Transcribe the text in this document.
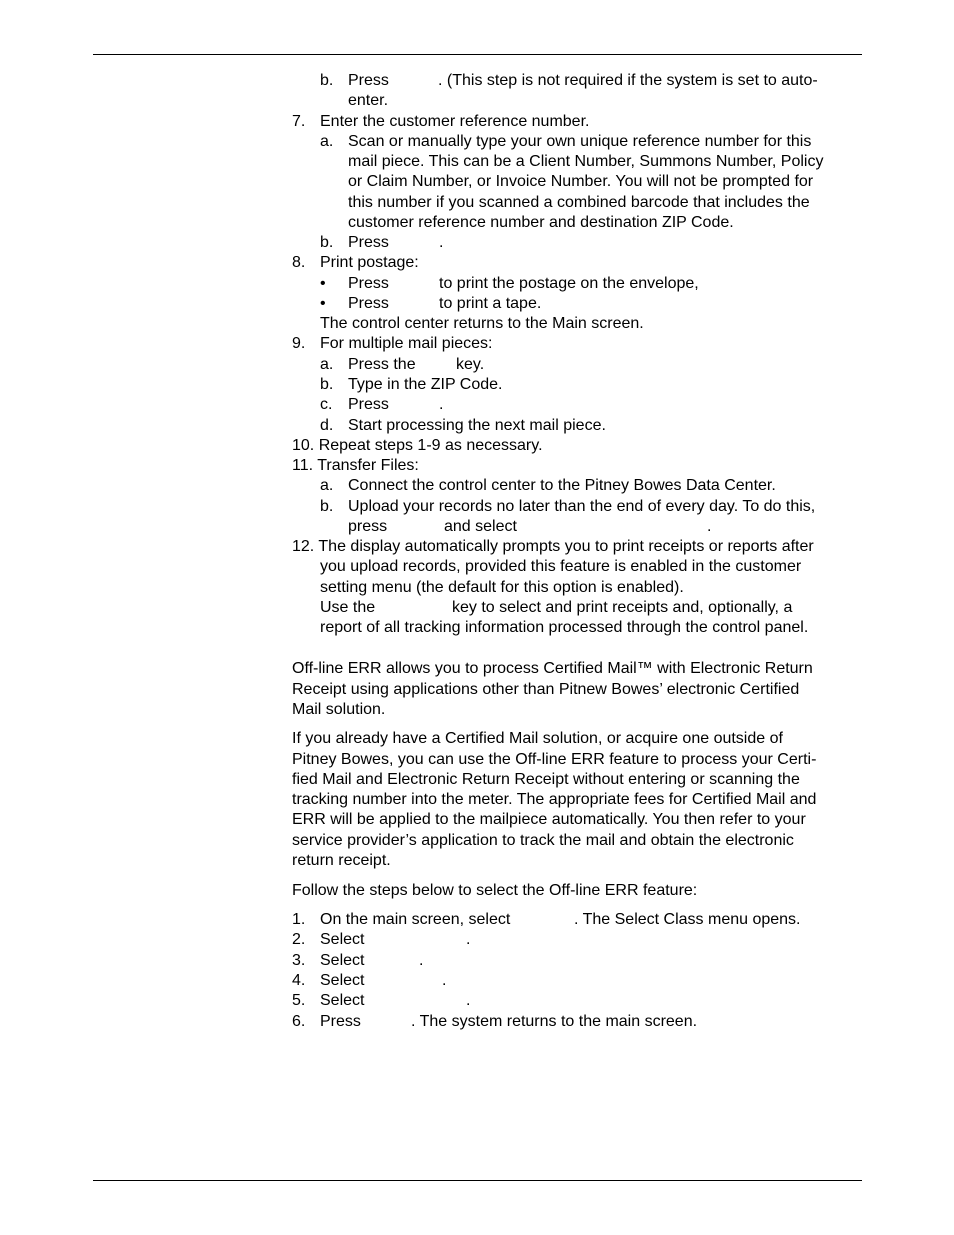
b. Press	. (This step is not required if the system is set to auto-
enter.
7. Enter the customer reference number.
a. Scan or manually type your own unique reference number for this
mail piece. This can be a Client Number, Summons Number, Policy
or Claim Number, or Invoice Number. You will not be prompted for
this number if you scanned a combined barcode that includes the
customer reference number and destination ZIP Code.
b. Press	.
8. Print postage:
• Press	to print the postage on the envelope,
• Press	to print a tape.
The control center returns to the Main screen.
9. For multiple mail pieces:
a. Press the	key.
b. Type in the ZIP Code.
c. Press	.
d. Start processing the next mail piece.
10. Repeat steps 1-9 as necessary.
11. Transfer Files:
a. Connect the control center to the Pitney Bowes Data Center.
b. Upload your records no later than the end of every day. To do this,
press	and select	.
12. The display automatically prompts you to print receipts or reports after
you upload records, provided this feature is enabled in the customer
setting menu (the default for this option is enabled).
Use the	key to select and print receipts and, optionally, a
report of all tracking information processed through the control panel.
Off-line ERR allows you to process Certified Mail™ with Electronic Return
Receipt using applications other than Pitnew Bowes’ electronic Certified
Mail solution.
If you already have a Certified Mail solution, or acquire one outside of
Pitney Bowes, you can use the Off-line ERR feature to process your Certi-
fied Mail and Electronic Return Receipt without entering or scanning the
tracking number into the meter. The appropriate fees for Certified Mail and
ERR will be applied to the mailpiece automatically. You then refer to your
service provider’s application to track the mail and obtain the electronic
return receipt.
Follow the steps below to select the Off-line ERR feature:
1. On the main screen, select	. The Select Class menu opens.
2. Select	.
3. Select	.
4. Select	.
5. Select	.
6. Press	. The system returns to the main screen.
